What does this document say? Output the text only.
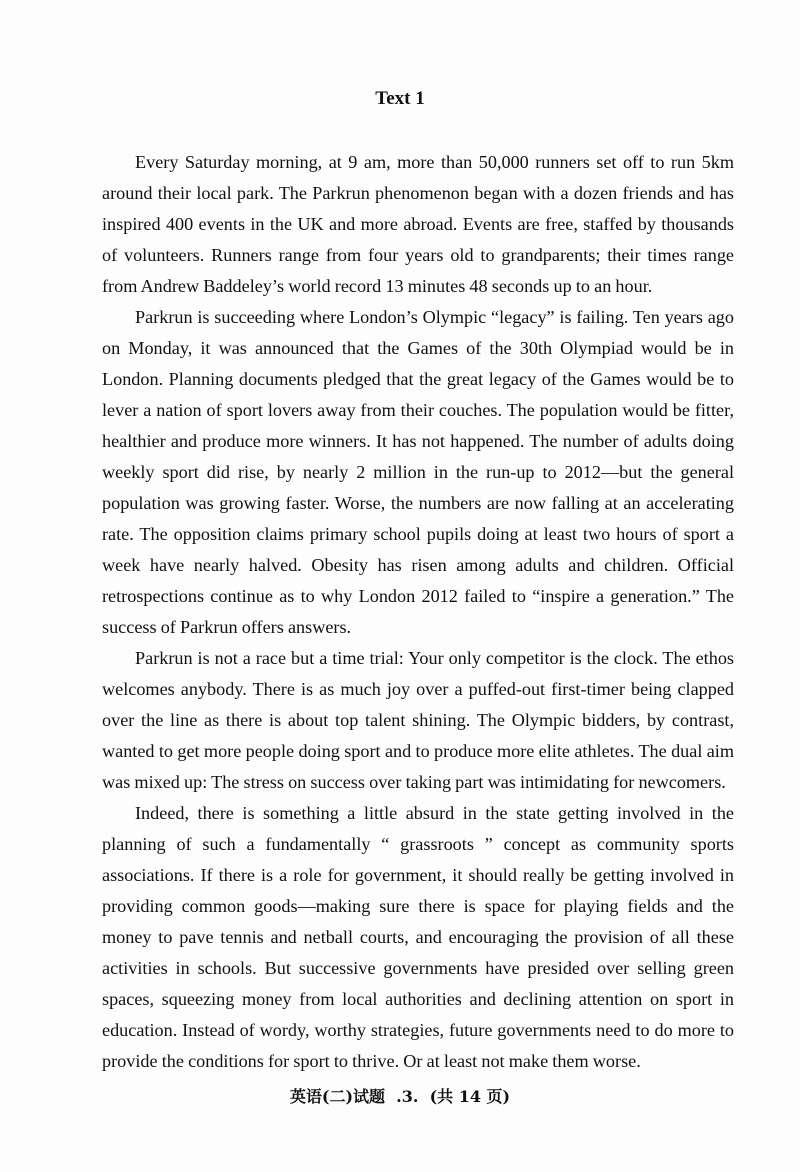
Text 1

Every Saturday morning, at 9 am, more than 50,000 runners set off to run 5km around their local park. The Parkrun phenomenon began with a dozen friends and has inspired 400 events in the UK and more abroad. Events are free, staffed by thousands of volunteers. Runners range from four years old to grandparents; their times range from Andrew Baddeley’s world record 13 minutes 48 seconds up to an hour.

Parkrun is succeeding where London’s Olympic “legacy” is failing. Ten years ago on Monday, it was announced that the Games of the 30th Olympiad would be in London. Planning documents pledged that the great legacy of the Games would be to lever a nation of sport lovers away from their couches. The population would be fitter, healthier and produce more winners. It has not happened. The number of adults doing weekly sport did rise, by nearly 2 million in the run-up to 2012—but the general population was growing faster. Worse, the numbers are now falling at an accelerating rate. The opposition claims primary school pupils doing at least two hours of sport a week have nearly halved. Obesity has risen among adults and children. Official retrospections continue as to why London 2012 failed to “inspire a generation.” The success of Parkrun offers answers.

Parkrun is not a race but a time trial: Your only competitor is the clock. The ethos welcomes anybody. There is as much joy over a puffed-out first-timer being clapped over the line as there is about top talent shining. The Olympic bidders, by contrast, wanted to get more people doing sport and to produce more elite athletes. The dual aim was mixed up: The stress on success over taking part was intimidating for newcomers.

Indeed, there is something a little absurd in the state getting involved in the planning of such a fundamentally “ grassroots ” concept as community sports associations. If there is a role for government, it should really be getting involved in providing common goods—making sure there is space for playing fields and the money to pave tennis and netball courts, and encouraging the provision of all these activities in schools. But successive governments have presided over selling green spaces, squeezing money from local authorities and declining attention on sport in education. Instead of wordy, worthy strategies, future governments need to do more to provide the conditions for sport to thrive. Or at least not make them worse.

英语(二)试题  .3.  (共 14 页)
